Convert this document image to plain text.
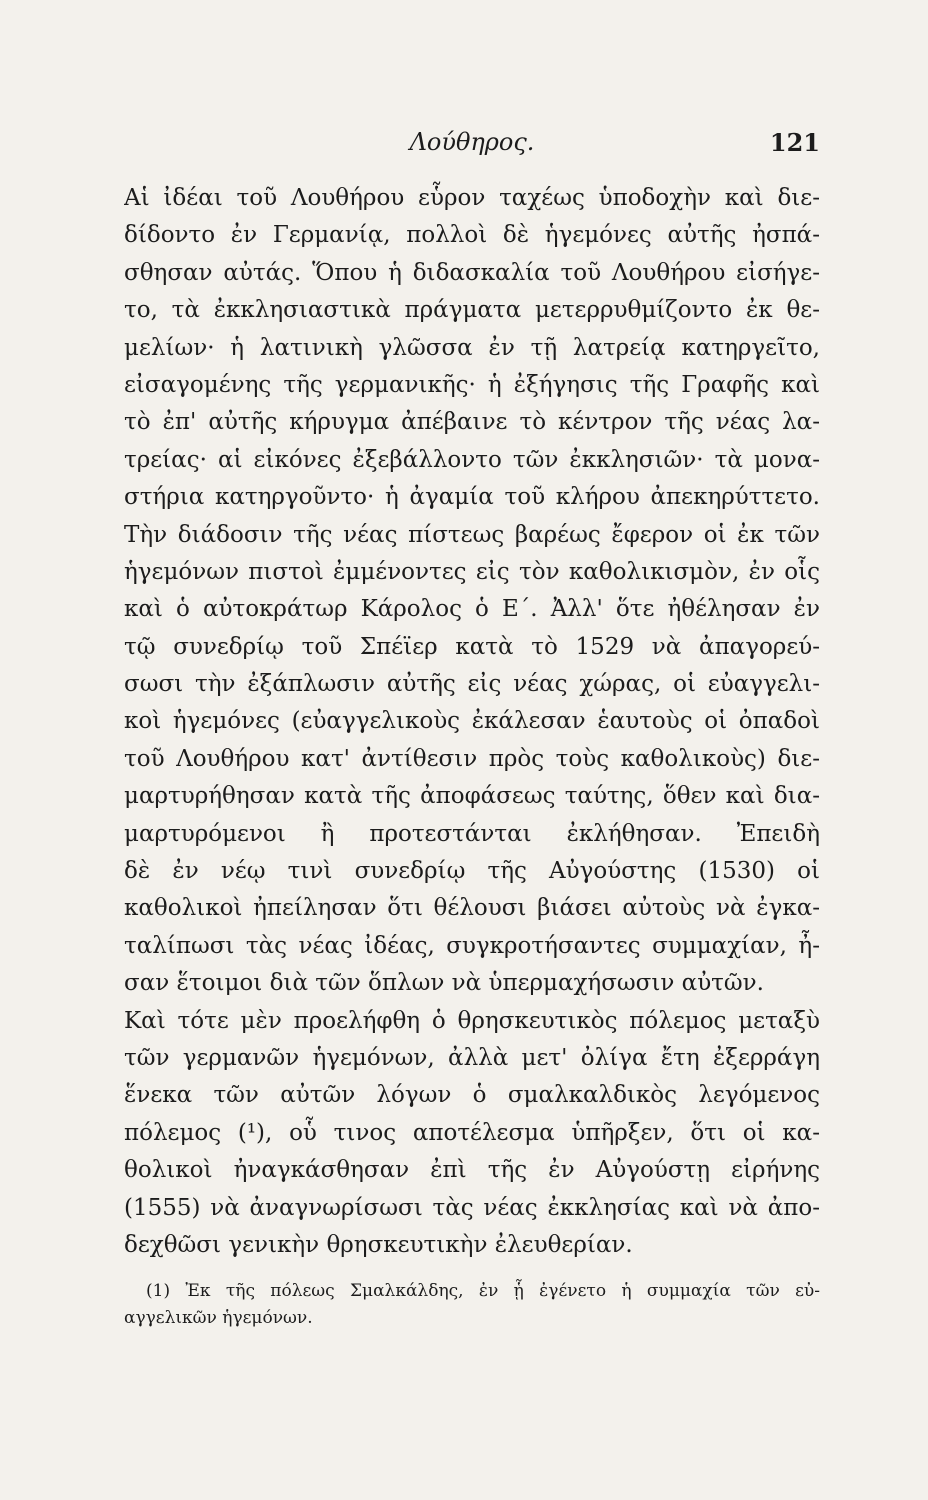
Λούθηρος.	121
Αἱ ἰδέαι τοῦ Λουθήρου εὗρον ταχέως ὑποδοχὴν καὶ διε-
δίδοντο ἐν Γερμανίᾳ, πολλοὶ δὲ ἡγεμόνες αὐτῆς ἠσπά-
σθησαν αὐτάς. Ὅπου ἡ διδασκαλία τοῦ Λουθήρου εἰσήγε-
το, τὰ ἐκκλησιαστικὰ πράγματα μετερρυθμίζοντο ἐκ θε-
μελίων· ἡ λατινικὴ γλῶσσα ἐν τῇ λατρείᾳ κατηργεῖτο,
εἰσαγομένης τῆς γερμανικῆς· ἡ ἐξήγησις τῆς Γραφῆς καὶ
τὸ ἐπ' αὐτῆς κήρυγμα ἀπέβαινε τὸ κέντρον τῆς νέας λα-
τρείας· αἱ εἰκόνες ἐξεβάλλοντο τῶν ἐκκλησιῶν· τὰ μονα-
στήρια κατηργοῦντο· ἡ ἀγαμία τοῦ κλήρου ἀπεκηρύττετο.
Τὴν διάδοσιν τῆς νέας πίστεως βαρέως ἔφερον οἱ ἐκ τῶν
ἡγεμόνων πιστοὶ ἐμμένοντες εἰς τὸν καθολικισμὸν, ἐν οἷς
καὶ ὁ αὐτοκράτωρ Κάρολος ὁ Ε΄. Ἀλλ' ὅτε ἠθέλησαν ἐν
τῷ συνεδρίῳ τοῦ Σπέϊερ κατὰ τὸ 1529 νὰ ἀπαγορεύ-
σωσι τὴν ἐξάπλωσιν αὐτῆς εἰς νέας χώρας, οἱ εὐαγγελι-
κοὶ ἡγεμόνες (εὐαγγελικοὺς ἐκάλεσαν ἑαυτοὺς οἱ ὀπαδοὶ
τοῦ Λουθήρου κατ' ἀντίθεσιν πρὸς τοὺς καθολικοὺς) διε-
μαρτυρήθησαν κατὰ τῆς ἀποφάσεως ταύτης, ὅθεν καὶ δια-
μαρτυρόμενοι ἢ προτεστάνται ἐκλήθησαν. Ἐπειδὴ
δὲ ἐν νέῳ τινὶ συνεδρίῳ τῆς Αὐγούστης (1530) οἱ
καθολικοὶ ἠπείλησαν ὅτι θέλουσι βιάσει αὐτοὺς νὰ ἐγκα-
ταλίπωσι τὰς νέας ἰδέας, συγκροτήσαντες συμμαχίαν, ἦ-
σαν ἕτοιμοι διὰ τῶν ὅπλων νὰ ὑπερμαχήσωσιν αὐτῶν.
Καὶ τότε μὲν προελήφθη ὁ θρησκευτικὸς πόλεμος μεταξὺ
τῶν γερμανῶν ἡγεμόνων, ἀλλὰ μετ' ὀλίγα ἔτη ἐξερράγη
ἕνεκα τῶν αὐτῶν λόγων ὁ σμαλκαλδικὸς λεγόμενος
πόλεμος (¹), οὗ τινος αποτέλεσμα ὑπῆρξεν, ὅτι οἱ κα-
θολικοὶ ἠναγκάσθησαν ἐπὶ τῆς ἐν Αὐγούστῃ εἰρήνης
(1555) νὰ ἀναγνωρίσωσι τὰς νέας ἐκκλησίας καὶ νὰ ἀπο-
δεχθῶσι γενικὴν θρησκευτικὴν ἐλευθερίαν.
(1) Ἐκ τῆς πόλεως Σμαλκάλδης, ἐν ᾗ ἐγένετο ἡ συμμαχία τῶν εὐ-
αγγελικῶν ἡγεμόνων.
